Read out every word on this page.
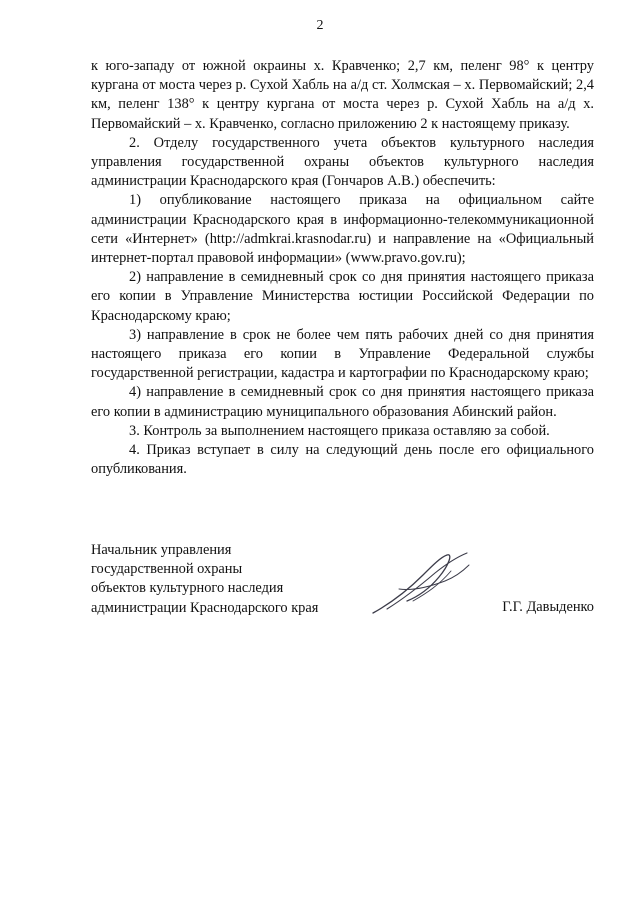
2

к юго-западу от южной окраины х. Кравченко; 2,7 км, пеленг 98° к центру кургана от моста через р. Сухой Хабль на а/д ст. Холмская – х. Первомайский; 2,4 км, пеленг 138° к центру кургана от моста через р. Сухой Хабль на а/д х. Первомайский – х. Кравченко, согласно приложению 2 к настоящему приказу.

2. Отделу государственного учета объектов культурного наследия управления государственной охраны объектов культурного наследия администрации Краснодарского края (Гончаров А.В.) обеспечить:

1) опубликование настоящего приказа на официальном сайте администрации Краснодарского края в информационно-телекоммуникационной сети «Интернет» (http://admkrai.krasnodar.ru) и направление на «Официальный интернет-портал правовой информации» (www.pravo.gov.ru);

2) направление в семидневный срок со дня принятия настоящего приказа его копии в Управление Министерства юстиции Российской Федерации по Краснодарскому краю;

3) направление в срок не более чем пять рабочих дней со дня принятия настоящего приказа его копии в Управление Федеральной службы государственной регистрации, кадастра и картографии по Краснодарскому краю;

4) направление в семидневный срок со дня принятия настоящего приказа его копии в администрацию муниципального образования Абинский район.

3. Контроль за выполнением настоящего приказа оставляю за собой.

4. Приказ вступает в силу на следующий день после его официального опубликования.

Начальник управления
государственной охраны
объектов культурного наследия
администрации Краснодарского края	Г.Г. Давыденко
